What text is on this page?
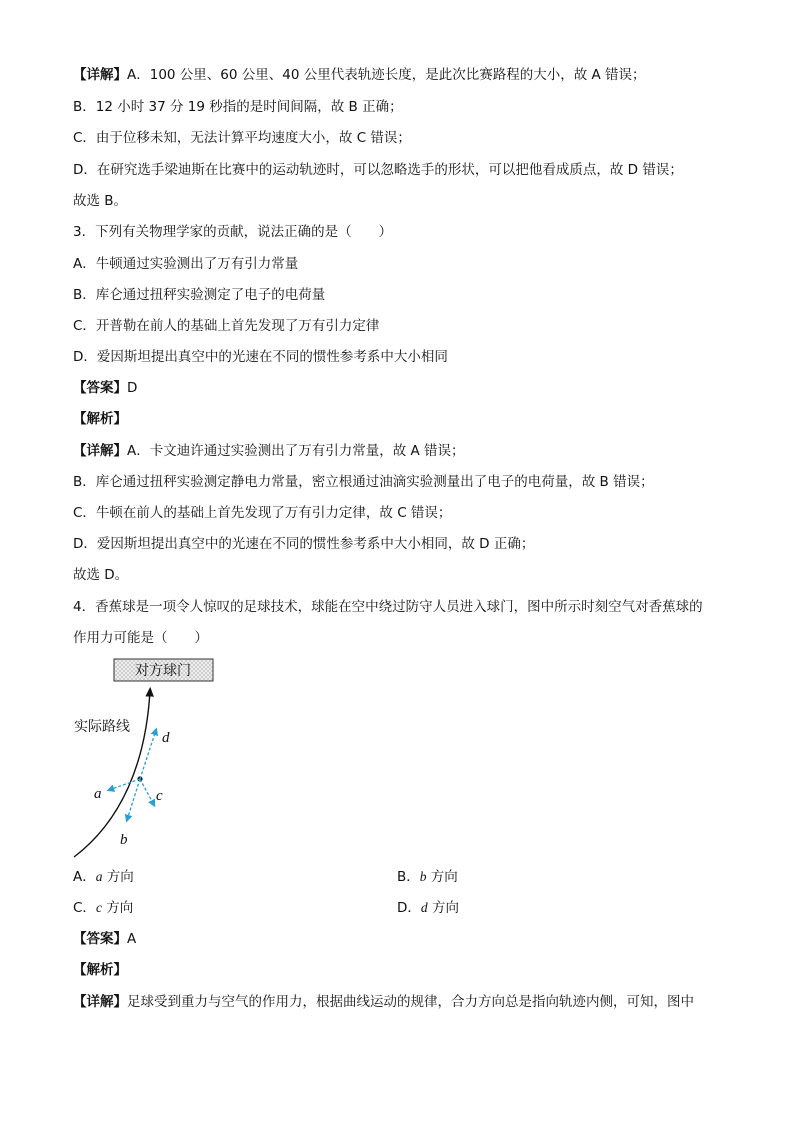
【详解】A．100 公里、60 公里、40 公里代表轨迹长度，是此次比赛路程的大小，故 A 错误；
B．12 小时 37 分 19 秒指的是时间间隔，故 B 正确；
C．由于位移未知，无法计算平均速度大小，故 C 错误；
D．在研究选手梁迪斯在比赛中的运动轨迹时，可以忽略选手的形状，可以把他看成质点，故 D 错误；
故选 B。
3．下列有关物理学家的贡献，说法正确的是（　　）
A．牛顿通过实验测出了万有引力常量
B．库仑通过扭秤实验测定了电子的电荷量
C．开普勒在前人的基础上首先发现了万有引力定律
D．爱因斯坦提出真空中的光速在不同的惯性参考系中大小相同
【答案】D
【解析】
【详解】A．卡文迪许通过实验测出了万有引力常量，故 A 错误；
B．库仑通过扭秤实验测定静电力常量，密立根通过油滴实验测量出了电子的电荷量，故 B 错误；
C．牛顿在前人的基础上首先发现了万有引力定律，故 C 错误；
D．爱因斯坦提出真空中的光速在不同的惯性参考系中大小相同，故 D 正确；
故选 D。
4．香蕉球是一项令人惊叹的足球技术，球能在空中绕过防守人员进入球门，图中所示时刻空气对香蕉球的
作用力可能是（　　）
对方球门
实际路线
d
a	c
b
A．a 方向	B．b 方向
C．c 方向	D．d 方向
【答案】A
【解析】
【详解】足球受到重力与空气的作用力，根据曲线运动的规律，合力方向总是指向轨迹内侧，可知，图中
